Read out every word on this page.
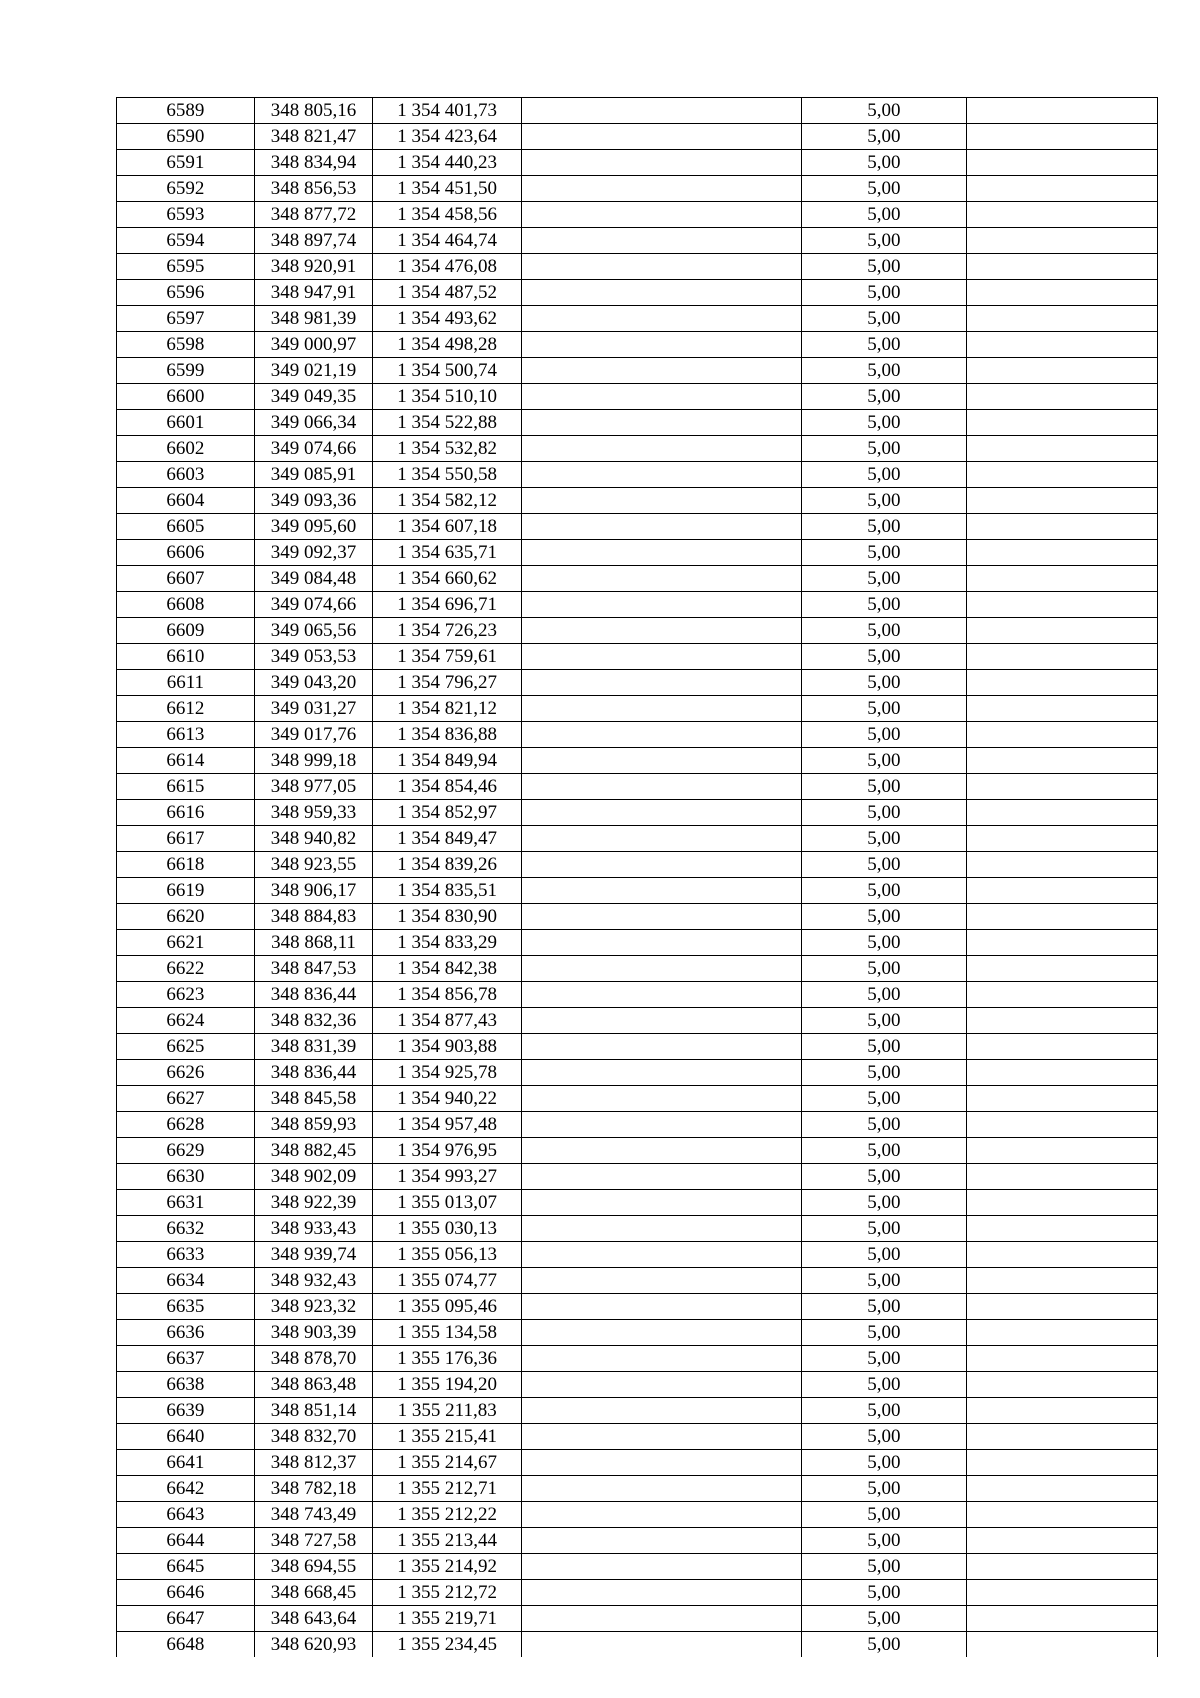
6589	348 805,16	1 354 401,73		5,00	
6590	348 821,47	1 354 423,64		5,00	
6591	348 834,94	1 354 440,23		5,00	
6592	348 856,53	1 354 451,50		5,00	
6593	348 877,72	1 354 458,56		5,00	
6594	348 897,74	1 354 464,74		5,00	
6595	348 920,91	1 354 476,08		5,00	
6596	348 947,91	1 354 487,52		5,00	
6597	348 981,39	1 354 493,62		5,00	
6598	349 000,97	1 354 498,28		5,00	
6599	349 021,19	1 354 500,74		5,00	
6600	349 049,35	1 354 510,10		5,00	
6601	349 066,34	1 354 522,88		5,00	
6602	349 074,66	1 354 532,82		5,00	
6603	349 085,91	1 354 550,58		5,00	
6604	349 093,36	1 354 582,12		5,00	
6605	349 095,60	1 354 607,18		5,00	
6606	349 092,37	1 354 635,71		5,00	
6607	349 084,48	1 354 660,62		5,00	
6608	349 074,66	1 354 696,71		5,00	
6609	349 065,56	1 354 726,23		5,00	
6610	349 053,53	1 354 759,61		5,00	
6611	349 043,20	1 354 796,27		5,00	
6612	349 031,27	1 354 821,12		5,00	
6613	349 017,76	1 354 836,88		5,00	
6614	348 999,18	1 354 849,94		5,00	
6615	348 977,05	1 354 854,46		5,00	
6616	348 959,33	1 354 852,97		5,00	
6617	348 940,82	1 354 849,47		5,00	
6618	348 923,55	1 354 839,26		5,00	
6619	348 906,17	1 354 835,51		5,00	
6620	348 884,83	1 354 830,90		5,00	
6621	348 868,11	1 354 833,29		5,00	
6622	348 847,53	1 354 842,38		5,00	
6623	348 836,44	1 354 856,78		5,00	
6624	348 832,36	1 354 877,43		5,00	
6625	348 831,39	1 354 903,88		5,00	
6626	348 836,44	1 354 925,78		5,00	
6627	348 845,58	1 354 940,22		5,00	
6628	348 859,93	1 354 957,48		5,00	
6629	348 882,45	1 354 976,95		5,00	
6630	348 902,09	1 354 993,27		5,00	
6631	348 922,39	1 355 013,07		5,00	
6632	348 933,43	1 355 030,13		5,00	
6633	348 939,74	1 355 056,13		5,00	
6634	348 932,43	1 355 074,77		5,00	
6635	348 923,32	1 355 095,46		5,00	
6636	348 903,39	1 355 134,58		5,00	
6637	348 878,70	1 355 176,36		5,00	
6638	348 863,48	1 355 194,20		5,00	
6639	348 851,14	1 355 211,83		5,00	
6640	348 832,70	1 355 215,41		5,00	
6641	348 812,37	1 355 214,67		5,00	
6642	348 782,18	1 355 212,71		5,00	
6643	348 743,49	1 355 212,22		5,00	
6644	348 727,58	1 355 213,44		5,00	
6645	348 694,55	1 355 214,92		5,00	
6646	348 668,45	1 355 212,72		5,00	
6647	348 643,64	1 355 219,71		5,00	
6648	348 620,93	1 355 234,45		5,00	
